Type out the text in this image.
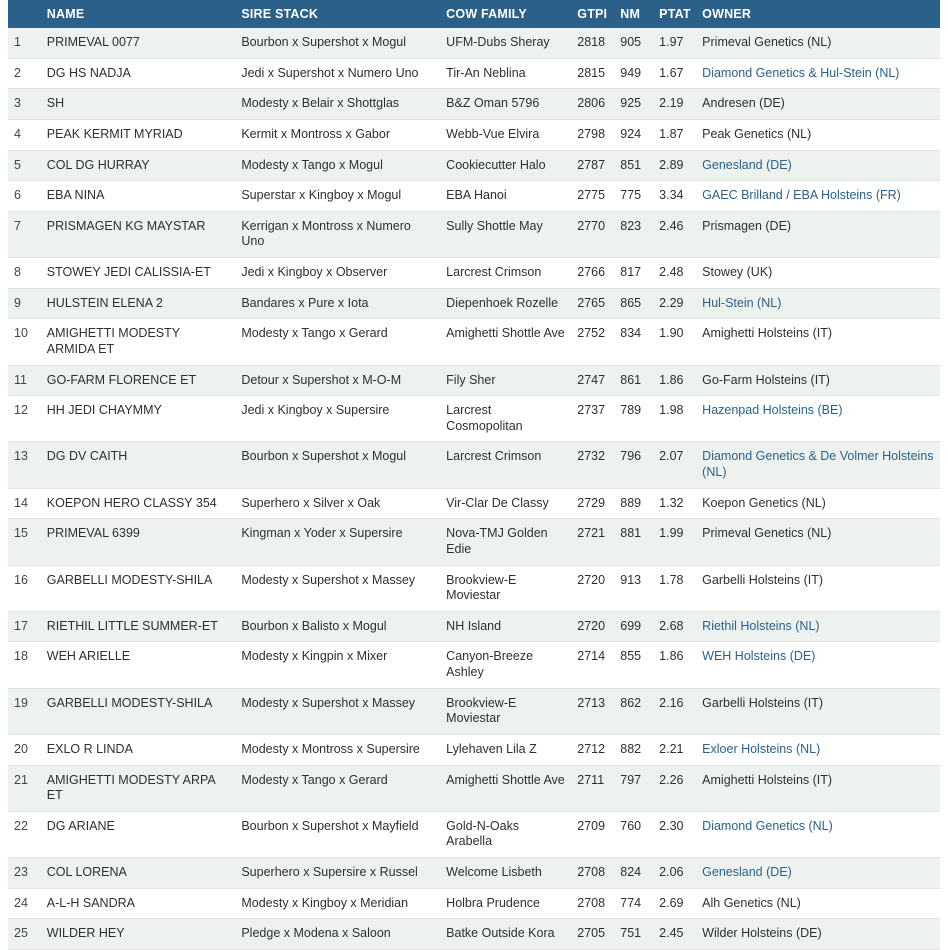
	NAME	SIRE STACK	COW FAMILY	GTPI	NM	PTAT	OWNER
1	PRIMEVAL 0077	Bourbon x Supershot x Mogul	UFM-Dubs Sheray	2818	905	1.97	Primeval Genetics (NL)
2	DG HS NADJA	Jedi x Supershot x Numero Uno	Tir-An Neblina	2815	949	1.67	Diamond Genetics & Hul-Stein (NL)
3	SH	Modesty x Belair x Shottglas	B&Z Oman 5796	2806	925	2.19	Andresen (DE)
4	PEAK KERMIT MYRIAD	Kermit x Montross x Gabor	Webb-Vue Elvira	2798	924	1.87	Peak Genetics (NL)
5	COL DG HURRAY	Modesty x Tango x Mogul	Cookiecutter Halo	2787	851	2.89	Genesland (DE)
6	EBA NINA	Superstar x Kingboy x Mogul	EBA Hanoi	2775	775	3.34	GAEC Brilland / EBA Holsteins (FR)
7	PRISMAGEN KG MAYSTAR	Kerrigan x Montross x Numero Uno	Sully Shottle May	2770	823	2.46	Prismagen (DE)
8	STOWEY JEDI CALISSIA-ET	Jedi x Kingboy x Observer	Larcrest Crimson	2766	817	2.48	Stowey (UK)
9	HULSTEIN ELENA 2	Bandares x Pure x Iota	Diepenhoek Rozelle	2765	865	2.29	Hul-Stein (NL)
10	AMIGHETTI MODESTY ARMIDA ET	Modesty x Tango x Gerard	Amighetti Shottle Ave	2752	834	1.90	Amighetti Holsteins (IT)
11	GO-FARM FLORENCE ET	Detour x Supershot x M-O-M	Fily Sher	2747	861	1.86	Go-Farm Holsteins (IT)
12	HH JEDI CHAYMMY	Jedi x Kingboy x Supersire	Larcrest Cosmopolitan	2737	789	1.98	Hazenpad Holsteins (BE)
13	DG DV CAITH	Bourbon x Supershot x Mogul	Larcrest Crimson	2732	796	2.07	Diamond Genetics & De Volmer Holsteins (NL)
14	KOEPON HERO CLASSY 354	Superhero x Silver x Oak	Vir-Clar De Classy	2729	889	1.32	Koepon Genetics (NL)
15	PRIMEVAL 6399	Kingman x Yoder x Supersire	Nova-TMJ Golden Edie	2721	881	1.99	Primeval Genetics (NL)
16	GARBELLI MODESTY-SHILA	Modesty x Supershot x Massey	Brookview-E Moviestar	2720	913	1.78	Garbelli Holsteins (IT)
17	RIETHIL LITTLE SUMMER-ET	Bourbon x Balisto x Mogul	NH Island	2720	699	2.68	Riethil Holsteins (NL)
18	WEH ARIELLE	Modesty x Kingpin x Mixer	Canyon-Breeze Ashley	2714	855	1.86	WEH Holsteins (DE)
19	GARBELLI MODESTY-SHILA	Modesty x Supershot x Massey	Brookview-E Moviestar	2713	862	2.16	Garbelli Holsteins (IT)
20	EXLO R LINDA	Modesty x Montross x Supersire	Lylehaven Lila Z	2712	882	2.21	Exloer Holsteins (NL)
21	AMIGHETTI MODESTY ARPA ET	Modesty x Tango x Gerard	Amighetti Shottle Ave	2711	797	2.26	Amighetti Holsteins (IT)
22	DG ARIANE	Bourbon x Supershot x Mayfield	Gold-N-Oaks Arabella	2709	760	2.30	Diamond Genetics (NL)
23	COL LORENA	Superhero x Supersire x Russel	Welcome Lisbeth	2708	824	2.06	Genesland (DE)
24	A-L-H SANDRA	Modesty x Kingboy x Meridian	Holbra Prudence	2708	774	2.69	Alh Genetics (NL)
25	WILDER HEY	Pledge x Modena x Saloon	Batke Outside Kora	2705	751	2.45	Wilder Holsteins (DE)
